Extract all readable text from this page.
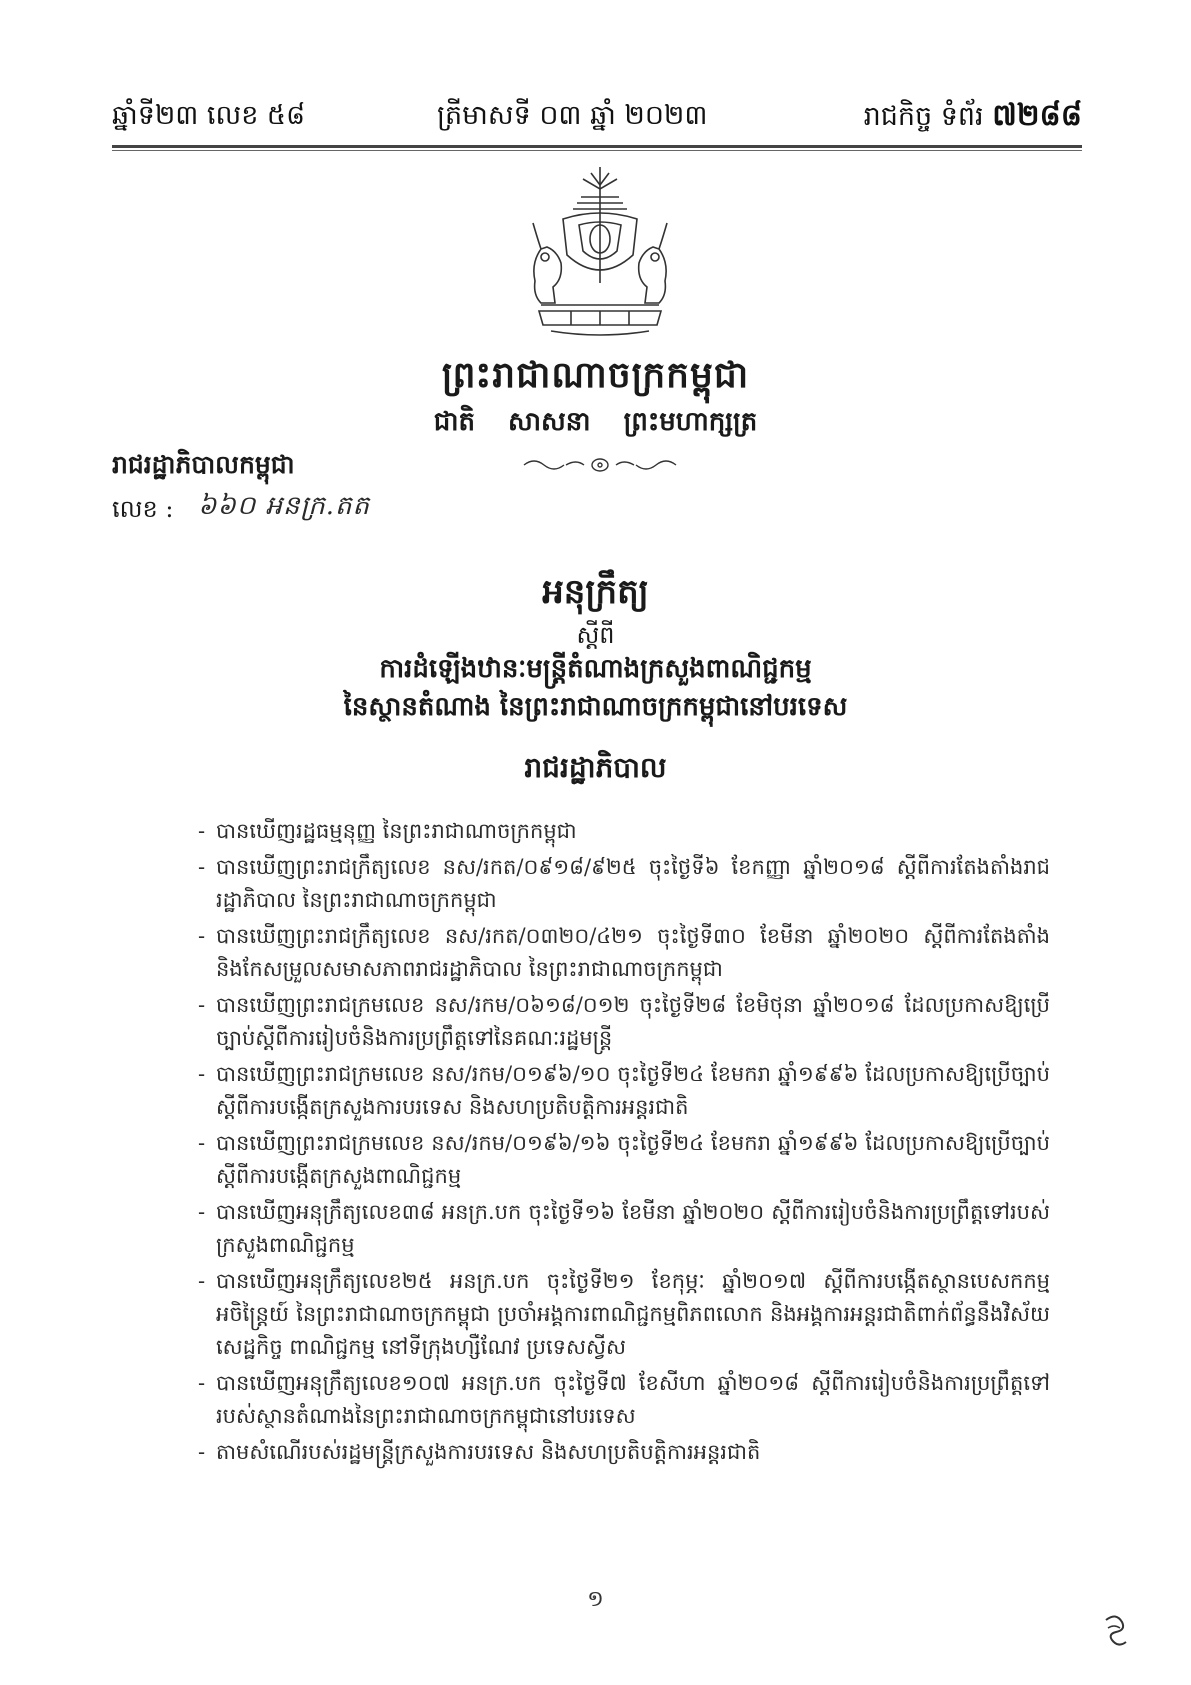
ឆ្នាំទី២៣ លេខ ៥៨	ត្រីមាសទី ០៣ ឆ្នាំ ២០២៣	រាជកិច្ច ទំព័រ ៧២៨៨
ព្រះរាជាណាចក្រកម្ពុជា
ជាតិ សាសនា ព្រះមហាក្សត្រ
រាជរដ្ឋាភិបាលកម្ពុជា
លេខ : ៦៦០ អនក្រ.តត
អនុក្រឹត្យ
ស្តីពី
ការដំឡើងឋានៈមន្ត្រីតំណាងក្រសួងពាណិជ្ជកម្ម
នៃស្ថានតំណាង នៃព្រះរាជាណាចក្រកម្ពុជានៅបរទេស
រាជរដ្ឋាភិបាល
- បានឃើញរដ្ឋធម្មនុញ្ញ នៃព្រះរាជាណាចក្រកម្ពុជា
- បានឃើញព្រះរាជក្រឹត្យលេខ នស/រកត/០៩១៨/៩២៥ ចុះថ្ងៃទី៦ ខែកញ្ញា ឆ្នាំ២០១៨ ស្តីពីការតែងតាំងរាជរដ្ឋាភិបាល នៃព្រះរាជាណាចក្រកម្ពុជា
- បានឃើញព្រះរាជក្រឹត្យលេខ នស/រកត/០៣២០/៤២១ ចុះថ្ងៃទី៣០ ខែមីនា ឆ្នាំ២០២០ ស្តីពីការតែងតាំងនិងកែសម្រួលសមាសភាពរាជរដ្ឋាភិបាល នៃព្រះរាជាណាចក្រកម្ពុជា
- បានឃើញព្រះរាជក្រមលេខ នស/រកម/០៦១៨/០១២ ចុះថ្ងៃទី២៨ ខែមិថុនា ឆ្នាំ២០១៨ ដែលប្រកាសឱ្យប្រើច្បាប់ស្តីពីការរៀបចំនិងការប្រព្រឹត្តទៅនៃគណៈរដ្ឋមន្ត្រី
- បានឃើញព្រះរាជក្រមលេខ នស/រកម/០១៩៦/១០ ចុះថ្ងៃទី២៤ ខែមករា ឆ្នាំ១៩៩៦ ដែលប្រកាសឱ្យប្រើច្បាប់ស្តីពីការបង្កើតក្រសួងការបរទេស និងសហប្រតិបត្តិការអន្តរជាតិ
- បានឃើញព្រះរាជក្រមលេខ នស/រកម/០១៩៦/១៦ ចុះថ្ងៃទី២៤ ខែមករា ឆ្នាំ១៩៩៦ ដែលប្រកាសឱ្យប្រើច្បាប់ស្តីពីការបង្កើតក្រសួងពាណិជ្ជកម្ម
- បានឃើញអនុក្រឹត្យលេខ៣៨ អនក្រ.បក ចុះថ្ងៃទី១៦ ខែមីនា ឆ្នាំ២០២០ ស្តីពីការរៀបចំនិងការប្រព្រឹត្តទៅរបស់ក្រសួងពាណិជ្ជកម្ម
- បានឃើញអនុក្រឹត្យលេខ២៥ អនក្រ.បក ចុះថ្ងៃទី២១ ខែកុម្ភៈ ឆ្នាំ២០១៧ ស្តីពីការបង្កើតស្ថានបេសកកម្មអចិន្ត្រៃយ៍ នៃព្រះរាជាណាចក្រកម្ពុជា ប្រចាំអង្គការពាណិជ្ជកម្មពិភពលោក និងអង្គការអន្តរជាតិពាក់ព័ន្ធនឹងវិស័យសេដ្ឋកិច្ច ពាណិជ្ជកម្ម នៅទីក្រុងហ្សឺណែវ ប្រទេសស្វីស
- បានឃើញអនុក្រឹត្យលេខ១០៧ អនក្រ.បក ចុះថ្ងៃទី៧ ខែសីហា ឆ្នាំ២០១៨ ស្តីពីការរៀបចំនិងការប្រព្រឹត្តទៅរបស់ស្ថានតំណាងនៃព្រះរាជាណាចក្រកម្ពុជានៅបរទេស
- តាមសំណើរបស់រដ្ឋមន្ត្រីក្រសួងការបរទេស និងសហប្រតិបត្តិការអន្តរជាតិ
១
